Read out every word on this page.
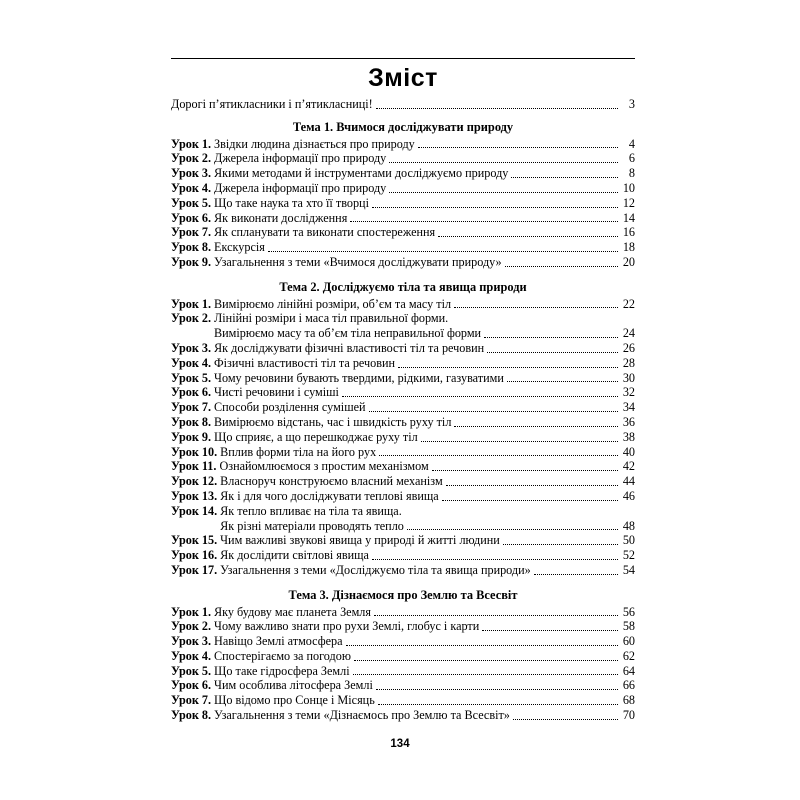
Зміст
Дорогі п’ятикласники і п’ятикласниці!	3
Тема 1. Вчимося досліджувати природу
Урок 1. Звідки людина дізнається про природу	4
Урок 2. Джерела інформації про природу	6
Урок 3. Якими методами й інструментами досліджуємо природу	8
Урок 4. Джерела інформації про природу	10
Урок 5. Що таке наука та хто її творці	12
Урок 6. Як виконати дослідження	14
Урок 7. Як спланувати та виконати спостереження	16
Урок 8. Екскурсія	18
Урок 9. Узагальнення з теми «Вчимося досліджувати природу»	20
Тема 2. Досліджуємо тіла та явища природи
Урок 1. Вимірюємо лінійні розміри, об’єм та масу тіл	22
Урок 2. Лінійні розміри і маса тіл правильної форми.
Вимірюємо масу та об’єм тіла неправильної форми	24
Урок 3. Як досліджувати фізичні властивості тіл та речовин	26
Урок 4. Фізичні властивості тіл та речовин	28
Урок 5. Чому речовини бувають твердими, рідкими, газуватими	30
Урок 6. Чисті речовини і суміші	32
Урок 7. Способи розділення сумішей	34
Урок 8. Вимірюємо відстань, час і швидкість руху тіл	36
Урок 9. Що сприяє, а що перешкоджає руху тіл	38
Урок 10. Вплив форми тіла на його рух	40
Урок 11. Ознайомлюємося з простим механізмом	42
Урок 12. Власноруч конструюємо власний механізм	44
Урок 13. Як і для чого досліджувати теплові явища	46
Урок 14. Як тепло впливає на тіла та явища.
Як різні матеріали проводять тепло	48
Урок 15. Чим важливі звукові явища у природі й житті людини	50
Урок 16. Як дослідити світлові явища	52
Урок 17. Узагальнення з теми «Досліджуємо тіла та явища природи»	54
Тема 3. Дізнаємося про Землю та Всесвіт
Урок 1. Яку будову має планета Земля	56
Урок 2. Чому важливо знати про рухи Землі, глобус і карти	58
Урок 3. Навіщо Землі атмосфера	60
Урок 4. Спостерігаємо за погодою	62
Урок 5. Що таке гідросфера Землі	64
Урок 6. Чим особлива літосфера Землі	66
Урок 7. Що відомо про Сонце і Місяць	68
Урок 8. Узагальнення з теми «Дізнаємось про Землю та Всесвіт»	70
134
